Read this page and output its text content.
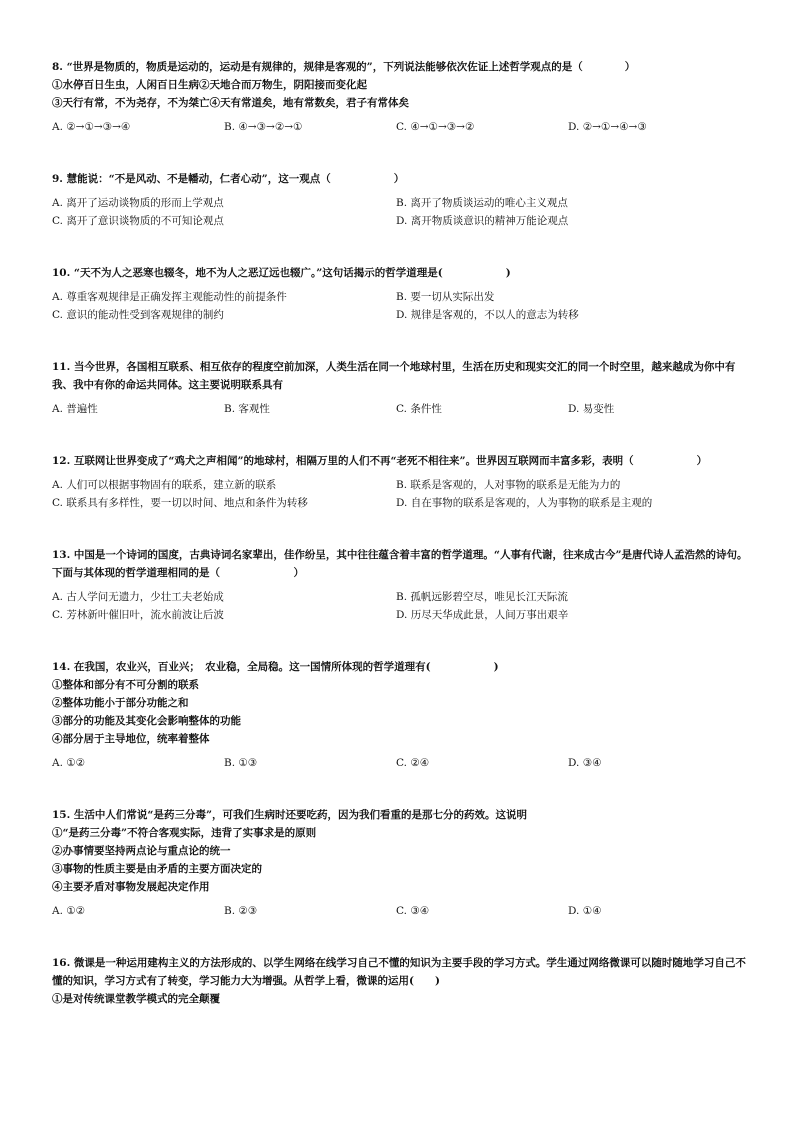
8. “世界是物质的，物质是运动的，运动是有规律的，规律是客观的”，下列说法能够依次佐证上述哲学观点的是（　　　　）
①水停百日生虫，人闲百日生病②天地合而万物生，阴阳接而变化起
③天行有常，不为尧存，不为桀亡④天有常道矣，地有常数矣，君子有常体矣
A. ②→①→③→④	B. ④→③→②→①	C. ④→①→③→②	D. ②→①→④→③
9. 慧能说：“不是风动、不是幡动，仁者心动”，这一观点（　　　　　　）
A. 离开了运动谈物质的形而上学观点	B. 离开了物质谈运动的唯心主义观点
C. 离开了意识谈物质的不可知论观点	D. 离开物质谈意识的精神万能论观点
10. “天不为人之恶寒也辍冬，地不为人之恶辽远也辍广。”这句话揭示的哲学道理是(　　　　　　)
A. 尊重客观规律是正确发挥主观能动性的前提条件	B. 要一切从实际出发
C. 意识的能动性受到客观规律的制约	D. 规律是客观的，不以人的意志为转移
11. 当今世界，各国相互联系、相互依存的程度空前加深，人类生活在同一个地球村里，生活在历史和现实交汇的同一个时空里，越来越成为你中有我、我中有你的命运共同体。这主要说明联系具有
A. 普遍性	B. 客观性	C. 条件性	D. 易变性
12. 互联网让世界变成了“鸡犬之声相闻”的地球村，相隔万里的人们不再“老死不相往来”。世界因互联网而丰富多彩，表明（　　　　　　）
A. 人们可以根据事物固有的联系，建立新的联系	B. 联系是客观的，人对事物的联系是无能为力的
C. 联系具有多样性，要一切以时间、地点和条件为转移	D. 自在事物的联系是客观的，人为事物的联系是主观的
13. 中国是一个诗词的国度，古典诗词名家辈出，佳作纷呈，其中往往蕴含着丰富的哲学道理。“人事有代谢，往来成古今”是唐代诗人孟浩然的诗句。下面与其体现的哲学道理相同的是（　　　　　　　）
A. 古人学问无遗力，少壮工夫老始成	B. 孤帆远影碧空尽，唯见长江天际流
C. 芳林新叶催旧叶，流水前波让后波	D. 历尽天华成此景，人间万事出艰辛
14. 在我国，农业兴，百业兴；　农业稳，全局稳。这一国情所体现的哲学道理有(　　　　　　)
①整体和部分有不可分割的联系
②整体功能小于部分功能之和
③部分的功能及其变化会影响整体的功能
④部分居于主导地位，统率着整体
A. ①②	B. ①③	C. ②④	D. ③④
15. 生活中人们常说“是药三分毒”，可我们生病时还要吃药，因为我们看重的是那七分的药效。这说明
①“是药三分毒”不符合客观实际，违背了实事求是的原则
②办事情要坚持两点论与重点论的统一
③事物的性质主要是由矛盾的主要方面决定的
④主要矛盾对事物发展起决定作用
A. ①②	B. ②③	C. ③④	D. ①④
16. 微课是一种运用建构主义的方法形成的、以学生网络在线学习自己不懂的知识为主要手段的学习方式。学生通过网络微课可以随时随地学习自己不懂的知识，学习方式有了转变，学习能力大为增强。从哲学上看，微课的运用(　　)
①是对传统课堂教学模式的完全颠覆
